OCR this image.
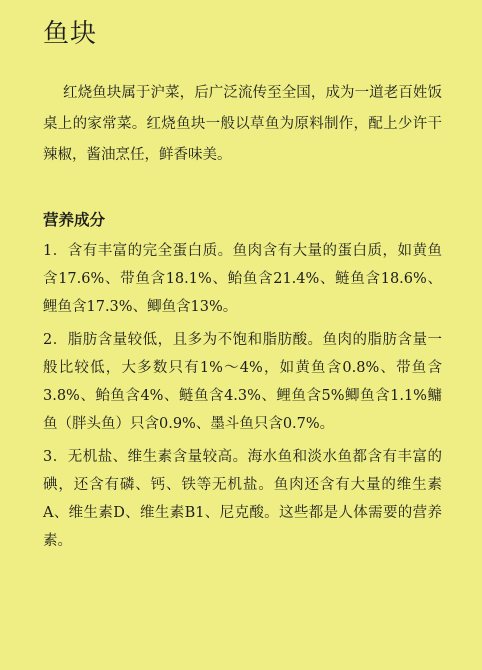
鱼块

红烧鱼块属于沪菜，后广泛流传至全国，成为一道老百姓饭桌上的家常菜。红烧鱼块一般以草鱼为原料制作，配上少许干辣椒，酱油烹任，鲜香味美。

营养成分
1．含有丰富的完全蛋白质。鱼肉含有大量的蛋白质，如黄鱼含17.6%、带鱼含18.1%、鲐鱼含21.4%、鲢鱼含18.6%、鲤鱼含17.3%、鲫鱼含13%。
2．脂肪含量较低，且多为不饱和脂肪酸。鱼肉的脂肪含量一般比较低，大多数只有1%～4%，如黄鱼含0.8%、带鱼含3.8%、鲐鱼含4%、鲢鱼含4.3%、鲤鱼含5%鲫鱼含1.1%鳙鱼（胖头鱼）只含0.9%、墨斗鱼只含0.7%。
3．无机盐、维生素含量较高。海水鱼和淡水鱼都含有丰富的碘，还含有磷、钙、铁等无机盐。鱼肉还含有大量的维生素A、维生素D、维生素B1、尼克酸。这些都是人体需要的营养素。
